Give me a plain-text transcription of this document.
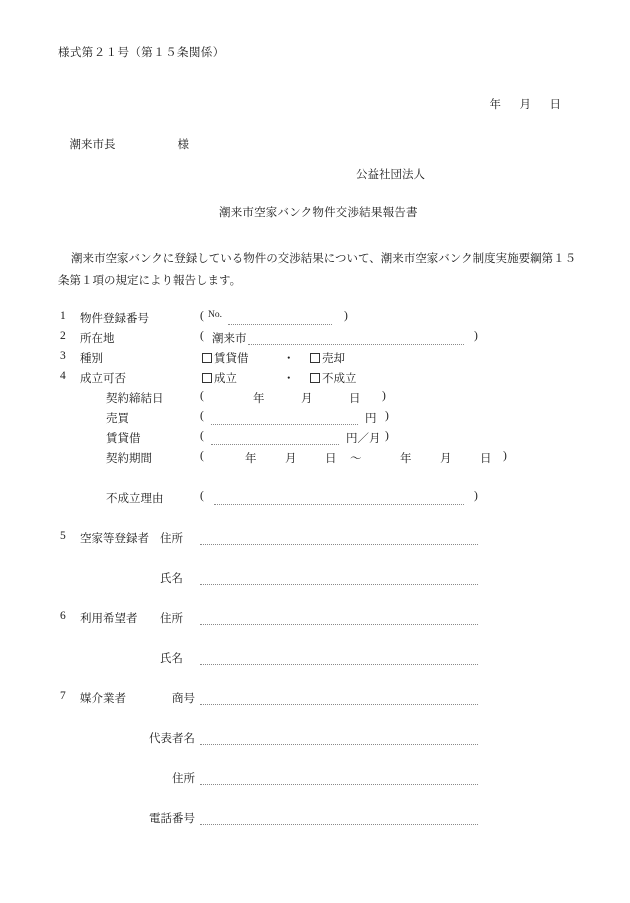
様式第２１号（第１５条関係）

年 月 日

潮来市長	様

公益社団法人
潮来市空家バンク物件交渉結果報告書
潮来市空家バンクに登録している物件の交渉結果について、潮来市空家バンク制度実施要綱第１５条第１項の規定により報告します。
1 物件登録番号	( No.	)
2 所在地	( 潮来市	)
3 種別	賃貸借	・	売却
4 成立可否	成立	・	不成立
契約締結日	(	年	月	日 )
売買	(	円 )
賃貸借	(	円／月 )
契約期間	(	年 月 日 ～	年 月 日 )
不成立理由	(	)
5 空家等登録者 住所
氏名
6 利用希望者 住所
氏名
7 媒介業者	商号
代表者名
住所
電話番号
